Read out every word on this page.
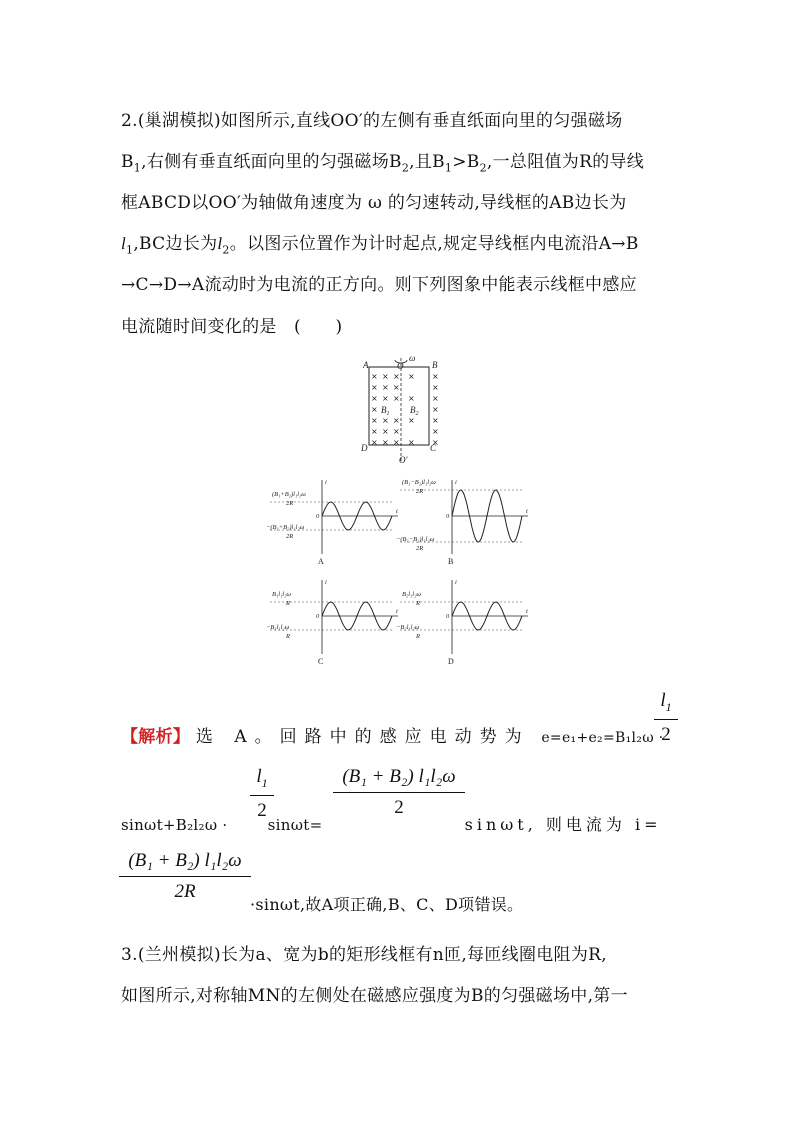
2.(巢湖模拟)如图所示,直线OO′的左侧有垂直纸面向里的匀强磁场
$B_1$,右侧有垂直纸面向里的匀强磁场$B_2$,且$B_1>B_2$,一总阻值为R的导线
框ABCD以OO′为轴做角速度为 ω 的匀速转动,导线框的AB边长为
$l_1,BC$边长为$l_2$。以图示位置作为计时起点,规定导线框内电流沿A→B
→C→D→A流动时为电流的正方向。则下列图象中能表示线框中感应
电流随时间变化的是　(　　)
ω
A	B
O
D	C
O′
$B_1$ $B_2$
× × × × ×
× × ×	×
× × × × ×
×	×
× × × × ×
× × ×	×
× × × × ×
(B₁+B₂)l₁l₂ω
2R
−(B₁+B₂)l₁l₂ω
2R
i
t
0
A
(B₁−B₂)l₁l₂ω
2R
−(B₁−B₂)l₁l₂ω
2R
i
t
0
B
B₁l₁l₂ω
R
−B₁l₁l₂ω
R
i
t
0
C
B₂l₁l₂ω
R
−B₂l₁l₂ω
R
i
t
0
D
【解析】 选 A。回路中的感应电动势为 e=e₁+e₂=B₁l₂ω ·
$l_1$
2
sinωt+B₂l₂ω ·	sinωt=	sinωt, 则电流为 i=
$l_1$
2
(B₁ + B₂) l₁l₂ω
2
(B₁ + B₂) l₁l₂ω
2R
·sinωt,故A项正确,B、C、D项错误。
3.(兰州模拟)长为a、宽为b的矩形线框有n匝,每匝线圈电阻为R,
如图所示,对称轴MN的左侧处在磁感应强度为B的匀强磁场中,第一
